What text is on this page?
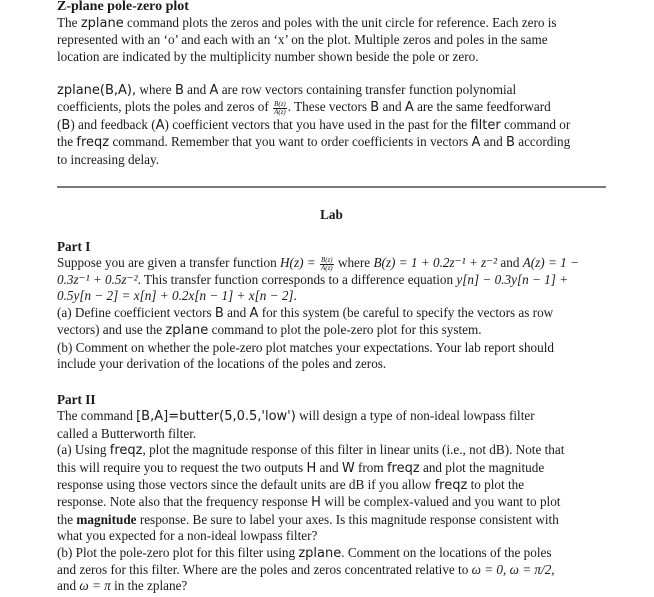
Z-plane pole-zero plot
The zplane command plots the zeros and poles with the unit circle for reference. Each zero is
represented with an ‘o’ and each with an ‘x’ on the plot. Multiple zeros and poles in the same
location are indicated by the multiplicity number shown beside the pole or zero.
zplane(B,A), where B and A are row vectors containing transfer function polynomial
coefficients, plots the poles and zeros of $\frac{B(z)}{A(z)}$ . These vectors B and A are the same feedforward
(B) and feedback (A) coefficient vectors that you have used in the past for the filter command or
the freqz command. Remember that you want to order coefficients in vectors A and B according
to increasing delay.
Lab
Part I
Suppose you are given a transfer function $H(z) = \frac{B(z)}{A(z)}$ where B(z) = 1 + 0.2z⁻¹ + z⁻² and A(z) = 1 −
0.3z⁻¹ + 0.5z⁻². This transfer function corresponds to a difference equation y[n] − 0.3y[n − 1] +
0.5y[n − 2] = x[n] + 0.2x[n − 1] + x[n − 2].
(a) Define coefficient vectors B and A for this system (be careful to specify the vectors as row
vectors) and use the zplane command to plot the pole-zero plot for this system.
(b) Comment on whether the pole-zero plot matches your expectations. Your lab report should
include your derivation of the locations of the poles and zeros.
Part II
The command [B,A]=butter(5,0.5,'low') will design a type of non-ideal lowpass filter
called a Butterworth filter.
(a) Using freqz, plot the magnitude response of this filter in linear units (i.e., not dB). Note that
this will require you to request the two outputs H and W from freqz and plot the magnitude
response using those vectors since the default units are dB if you allow freqz to plot the
response. Note also that the frequency response H will be complex-valued and you want to plot
the magnitude response. Be sure to label your axes. Is this magnitude response consistent with
what you expected for a non-ideal lowpass filter?
(b) Plot the pole-zero plot for this filter using zplane. Comment on the locations of the poles
and zeros for this filter. Where are the poles and zeros concentrated relative to ω = 0, ω = π/2,
and ω = π in the zplane?
